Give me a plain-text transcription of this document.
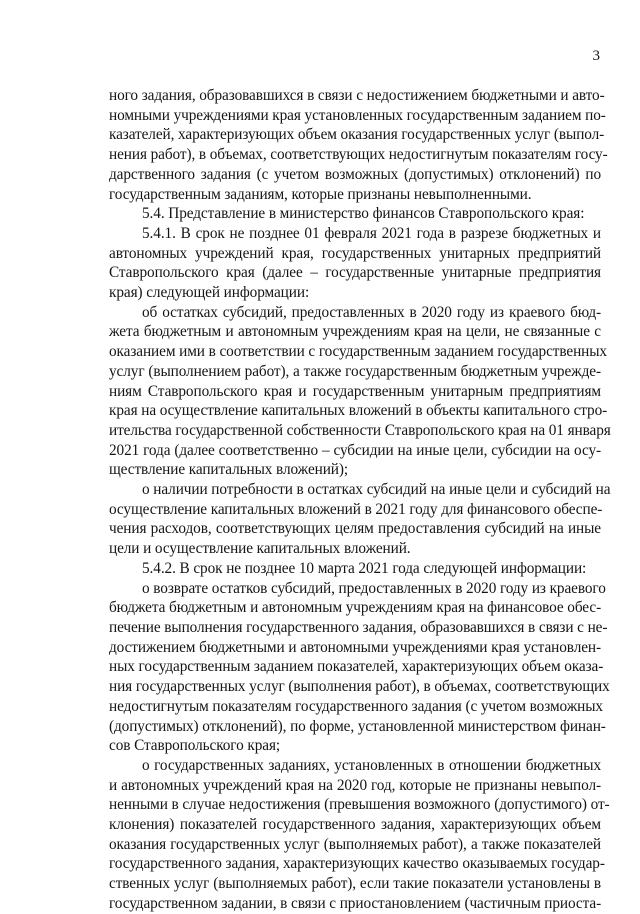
3
ного задания, образовавшихся в связи с недостижением бюджетными и авто-
номными учреждениями края установленных государственным заданием по-
казателей, характеризующих объем оказания государственных услуг (выпол-
нения работ), в объемах, соответствующих недостигнутым показателям госу-
дарственного задания (с учетом возможных (допустимых) отклонений) по
государственным заданиям, которые признаны невыполненными.
5.4. Представление в министерство финансов Ставропольского края:
5.4.1. В срок не позднее 01 февраля 2021 года в разрезе бюджетных и
автономных учреждений края, государственных унитарных предприятий
Ставропольского края (далее – государственные унитарные предприятия
края) следующей информации:
об остатках субсидий, предоставленных в 2020 году из краевого бюд-
жета бюджетным и автономным учреждениям края на цели, не связанные с
оказанием ими в соответствии с государственным заданием государственных
услуг (выполнением работ), а также государственным бюджетным учрежде-
ниям Ставропольского края и государственным унитарным предприятиям
края на осуществление капитальных вложений в объекты капитального стро-
ительства государственной собственности Ставропольского края на 01 января
2021 года (далее соответственно – субсидии на иные цели, субсидии на осу-
ществление капитальных вложений);
о наличии потребности в остатках субсидий на иные цели и субсидий на
осуществление капитальных вложений в 2021 году для финансового обеспе-
чения расходов, соответствующих целям предоставления субсидий на иные
цели и осуществление капитальных вложений.
5.4.2. В срок не позднее 10 марта 2021 года следующей информации:
о возврате остатков субсидий, предоставленных в 2020 году из краевого
бюджета бюджетным и автономным учреждениям края на финансовое обес-
печение выполнения государственного задания, образовавшихся в связи с не-
достижением бюджетными и автономными учреждениями края установлен-
ных государственным заданием показателей, характеризующих объем оказа-
ния государственных услуг (выполнения работ), в объемах, соответствующих
недостигнутым показателям государственного задания (с учетом возможных
(допустимых) отклонений), по форме, установленной министерством финан-
сов Ставропольского края;
о государственных заданиях, установленных в отношении бюджетных
и автономных учреждений края на 2020 год, которые не признаны невыпол-
ненными в случае недостижения (превышения возможного (допустимого) от-
клонения) показателей государственного задания, характеризующих объем
оказания государственных услуг (выполняемых работ), а также показателей
государственного задания, характеризующих качество оказываемых государ-
ственных услуг (выполняемых работ), если такие показатели установлены в
государственном задании, в связи с приостановлением (частичным приоста-
